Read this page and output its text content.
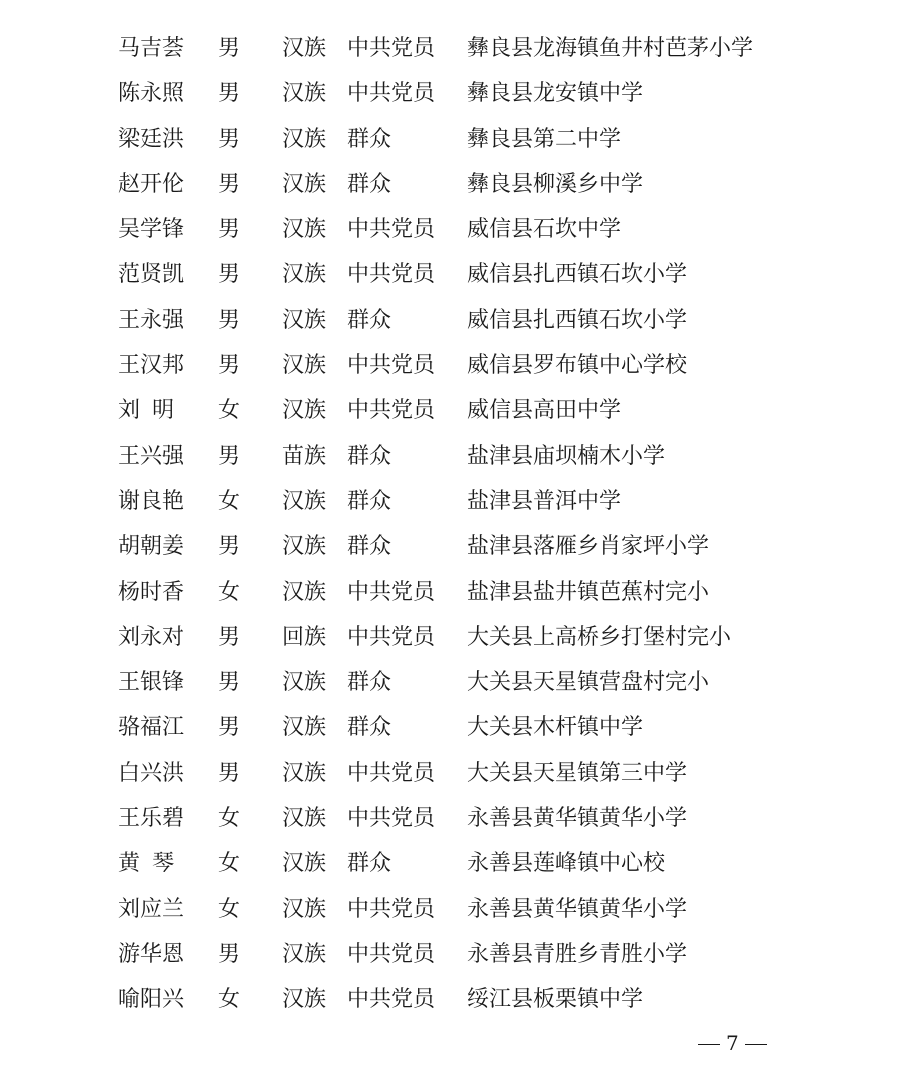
马吉荟	男 汉族 中共党员 彝良县龙海镇鱼井村芭茅小学
陈永照	男 汉族 中共党员 彝良县龙安镇中学
梁廷洪	男 汉族 群众	彝良县第二中学
赵开伦	男 汉族 群众	彝良县柳溪乡中学
吴学锋	男 汉族 中共党员 威信县石坎中学
范贤凯	男 汉族 中共党员 威信县扎西镇石坎小学
王永强	男 汉族 群众	威信县扎西镇石坎小学
王汉邦	男 汉族 中共党员 威信县罗布镇中心学校
刘明	女 汉族 中共党员 威信县高田中学
王兴强	男 苗族 群众	盐津县庙坝楠木小学
谢良艳	女 汉族 群众	盐津县普洱中学
胡朝姜	男 汉族 群众	盐津县落雁乡肖家坪小学
杨时香	女 汉族 中共党员 盐津县盐井镇芭蕉村完小
刘永对	男 回族 中共党员 大关县上高桥乡打堡村完小
王银锋	男 汉族 群众	大关县天星镇营盘村完小
骆福江	男 汉族 群众	大关县木杆镇中学
白兴洪	男 汉族 中共党员 大关县天星镇第三中学
王乐碧	女 汉族 中共党员 永善县黄华镇黄华小学
黄琴	女 汉族 群众	永善县莲峰镇中心校
刘应兰	女 汉族 中共党员 永善县黄华镇黄华小学
游华恩	男 汉族 中共党员 永善县青胜乡青胜小学
喻阳兴	女 汉族 中共党员 绥江县板栗镇中学
7
